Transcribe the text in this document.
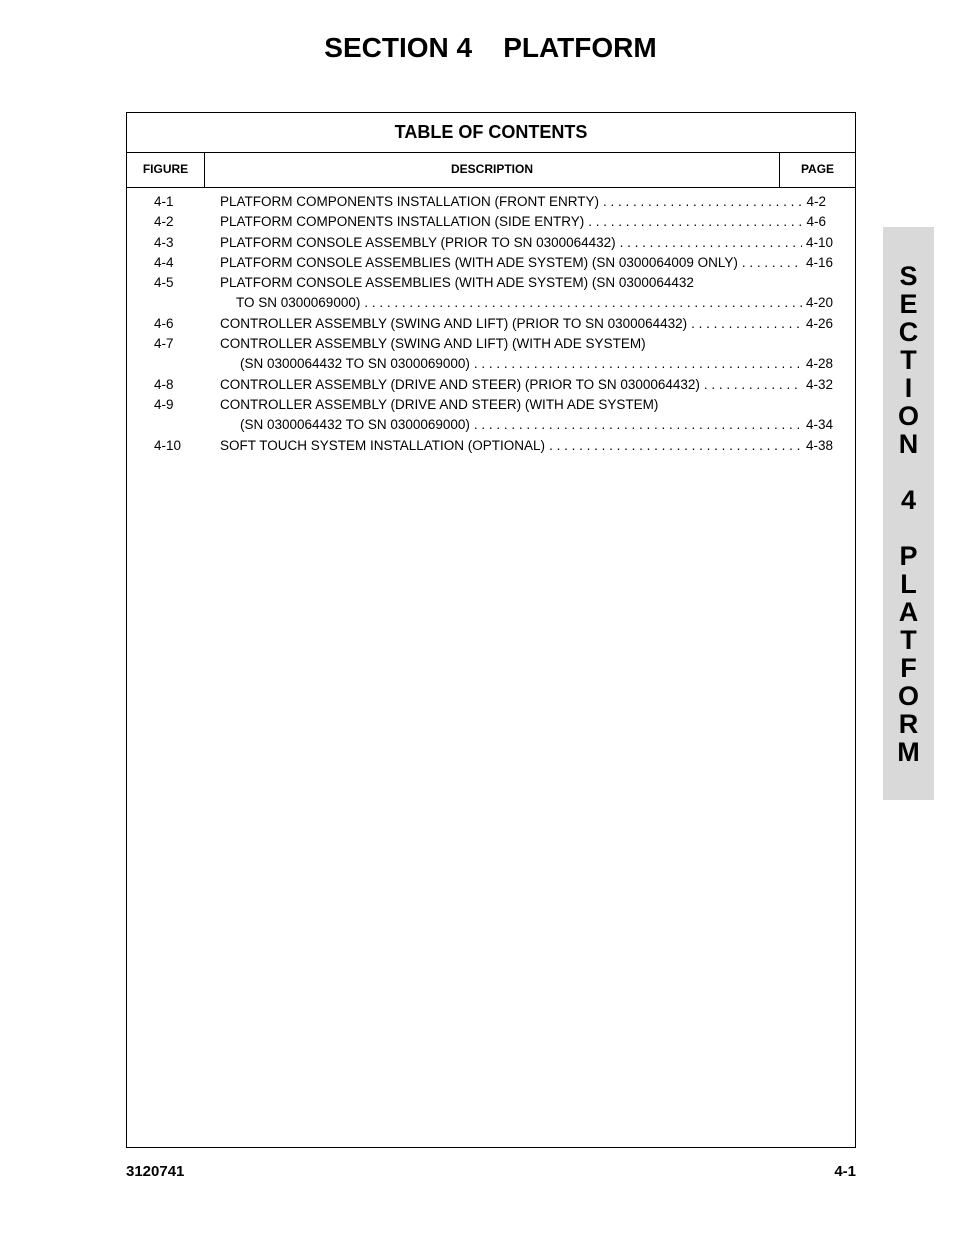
SECTION 4    PLATFORM
TABLE OF CONTENTS
FIGURE	DESCRIPTION	PAGE
4-1	PLATFORM COMPONENTS INSTALLATION (FRONT ENRTY) . . .	4-2
4-2	PLATFORM COMPONENTS INSTALLATION (SIDE ENTRY) . . .	4-6
4-3	PLATFORM CONSOLE ASSEMBLY (PRIOR TO SN 0300064432) . . .	4-10
4-4	PLATFORM CONSOLE ASSEMBLIES (WITH ADE SYSTEM) (SN 0300064009 ONLY) . . .	4-16
4-5	PLATFORM CONSOLE ASSEMBLIES (WITH ADE SYSTEM) (SN 0300064432
TO SN 0300069000) . . .	4-20
4-6	CONTROLLER ASSEMBLY (SWING AND LIFT) (PRIOR TO SN 0300064432) . . .	4-26
4-7	CONTROLLER ASSEMBLY (SWING AND LIFT) (WITH ADE SYSTEM)
(SN 0300064432 TO SN 0300069000) . . .	4-28
4-8	CONTROLLER ASSEMBLY (DRIVE AND STEER) (PRIOR TO SN 0300064432) . . .	4-32
4-9	CONTROLLER ASSEMBLY (DRIVE AND STEER) (WITH ADE SYSTEM)
(SN 0300064432 TO SN 0300069000) . . .	4-34
4-10	SOFT TOUCH SYSTEM INSTALLATION (OPTIONAL) . . .	4-38
S
E
C
T
I
O
N
4
P
L
A
T
F
O
R
M
3120741	4-1
